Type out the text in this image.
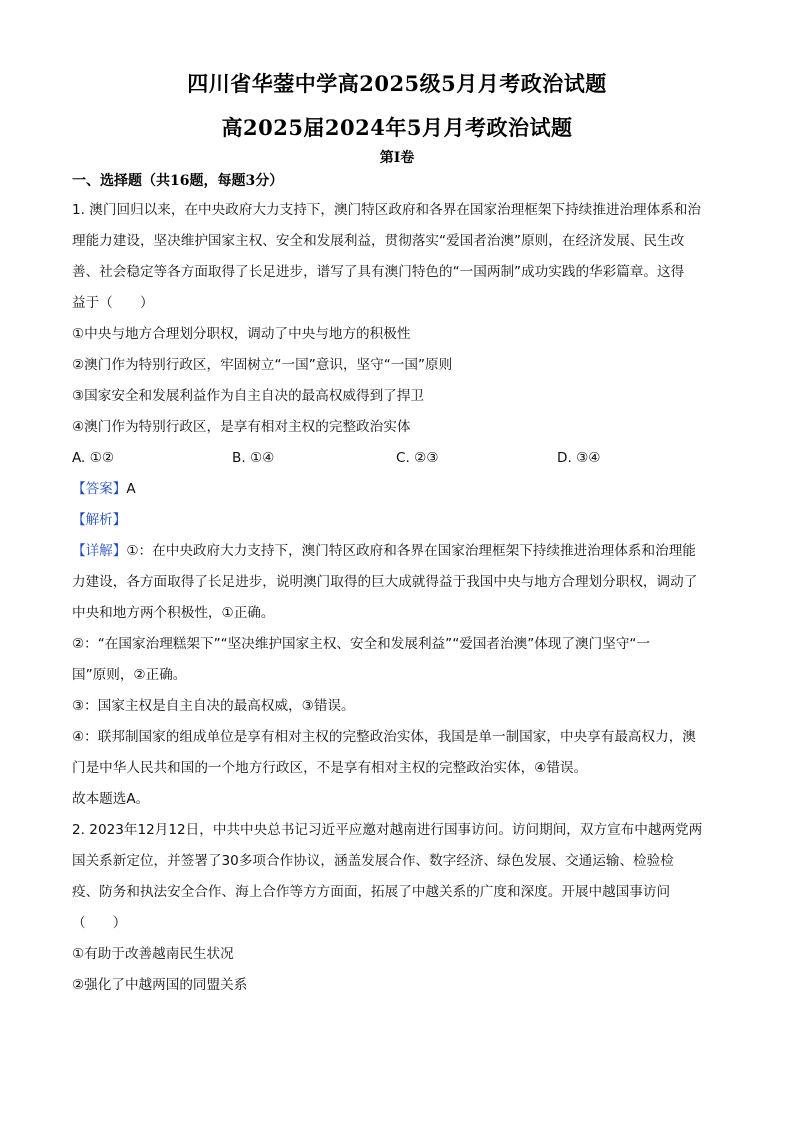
四川省华蓥中学高2025级5月月考政治试题
高2025届2024年5月月考政治试题
第I卷
一、选择题（共16题，每题3分）
1. 澳门回归以来，在中央政府大力支持下，澳门特区政府和各界在国家治理框架下持续推进治理体系和治
理能力建设，坚决维护国家主权、安全和发展利益，贯彻落实“爱国者治澳”原则，在经济发展、民生改
善、社会稳定等各方面取得了长足进步，谱写了具有澳门特色的“一国两制”成功实践的华彩篇章。这得
益于（　　）
①中央与地方合理划分职权，调动了中央与地方的积极性
②澳门作为特别行政区，牢固树立“一国”意识，坚守“一国”原则
③国家安全和发展利益作为自主自决的最高权威得到了捍卫
④澳门作为特别行政区，是享有相对主权的完整政治实体
A. ①②	B. ①④	C. ②③	D. ③④
【答案】A
【解析】
【详解】①：在中央政府大力支持下，澳门特区政府和各界在国家治理框架下持续推进治理体系和治理能
力建设，各方面取得了长足进步，说明澳门取得的巨大成就得益于我国中央与地方合理划分职权，调动了
中央和地方两个积极性，①正确。
②：“在国家治理糕架下”“坚决维护国家主权、安全和发展利益”“爱国者治澳”体现了澳门坚守“一
国”原则，②正确。
③：国家主权是自主自决的最高权威，③错误。
④：联邦制国家的组成单位是享有相对主权的完整政治实体，我国是单一制国家，中央享有最高权力，澳
门是中华人民共和国的一个地方行政区，不是享有相对主权的完整政治实体，④错误。
故本题选A。
2. 2023年12月12日，中共中央总书记习近平应邀对越南进行国事访问。访问期间，双方宣布中越两党两
国关系新定位，并签署了30多项合作协议，涵盖发展合作、数字经济、绿色发展、交通运输、检验检
疫、防务和执法安全合作、海上合作等方方面面，拓展了中越关系的广度和深度。开展中越国事访问
（　　）
①有助于改善越南民生状况
②强化了中越两国的同盟关系
